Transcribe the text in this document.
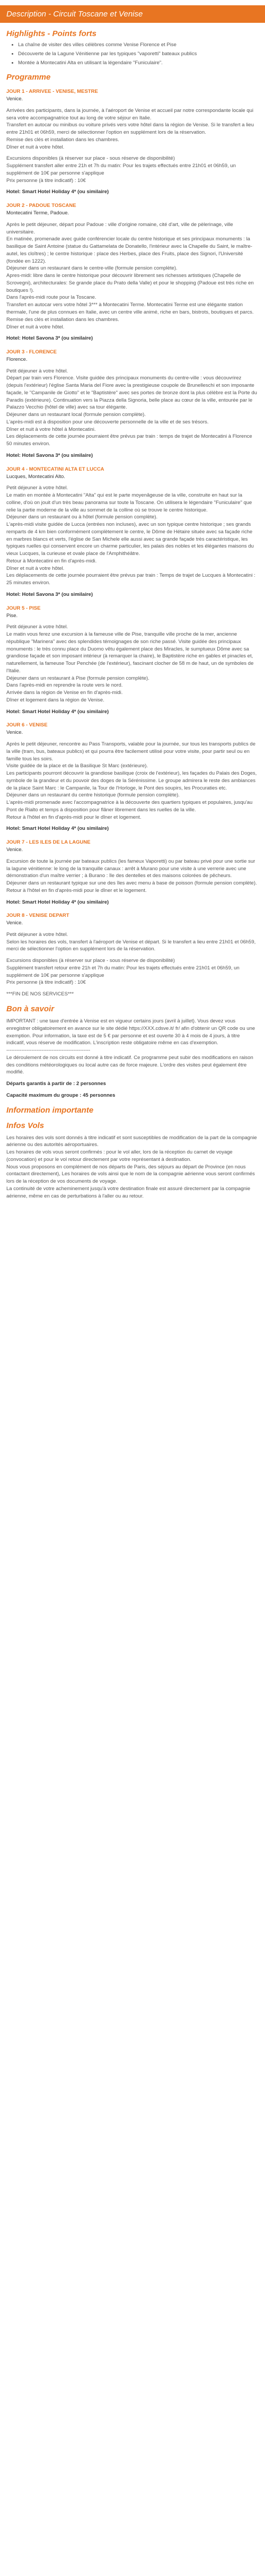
Description - Circuit Toscane et Venise
Highlights - Points forts
• La chaîne de visiter des villes célèbres comme Venise Florence et Pise
• Découverte de la Lagune Vénitienne par les typiques "vaporetti" bateaux publics
• Montée à Montecatini Alta en utilisant la légendaire "Funiculaire".
Programme
JOUR 1 - ARRIVEE - VENISE, MESTRE
Venice.
Arrivées des participants, dans la journée, à l'aéroport de Venise et accueil par notre correspondante locale qui sera votre accompagnatrice tout au long de votre séjour en Italie.
Transfert en autocar ou minibus ou voiture privés vers votre hôtel dans la région de Venise. Si le transfert a lieu entre 21h01 et 06h59, merci de sélectionner l'option en supplément lors de la réservation.
Remise des clés et installation dans les chambres.
Dîner et nuit à votre hôtel.
Excursions disponibles (à réserver sur place - sous réserve de disponibilité)
Supplément transfert aller entre 21h et 7h du matin: Pour les trajets effectués entre 21h01 et 06h59, un supplément de 10€ par personne s'applique
Prix personne (à titre indicatif) : 10€
Hotel: Smart Hotel Holiday 4* (ou similaire)
JOUR 2 - PADOUE TOSCANE
Montecatini Terme, Padoue.
Après le petit déjeuner, départ pour Padoue : ville d'origine romaine, cité d'art, ville de pèlerinage, ville universitaire.
En matinée, promenade avec guide conférencier locale du centre historique et ses principaux monuments : la basilique de Saint Antoine (statue du Gattamelata de Donatello, l'intérieur avec la Chapelle du Saint, le maître-autel, les cloîtres) ; le centre historique : place des Herbes, place des Fruits, place des Signori, l'Université (fondée en 1222).
Déjeuner dans un restaurant dans le centre-ville (formule pension complète).
Apres-midi: libre dans le centre historique pour découvrir librement ses richesses artistiques (Chapelle de Scrovegni), architecturales: Se grande place du Prato della Valle) et pour le shopping (Padoue est très riche en boutiques !).
Dans l'après-midi route pour la Toscane.
Transfert en autocar vers votre hôtel 3*** à Montecatini Terme. Montecatini Terme est une élégante station thermale, l'une de plus connues en Italie, avec un centre ville animé, riche en bars, bistrots, boutiques et parcs. Remise des clés et installation dans les chambres.
Dîner et nuit à votre hôtel.
Hotel: Hotel Savona 3* (ou similaire)
JOUR 3 - FLORENCE
Florence.
Petit déjeuner à votre hôtel.
Départ par train vers Florence. Visite guidée des principaux monuments du centre-ville : vous découvrirez (depuis l'extérieur) l'église Santa Maria del Fiore avec la prestigieuse coupole de Brunelleschi et son imposante façade, le "Campanile de Giotto" et le "Baptistère" avec ses portes de bronze dont la plus célèbre est la Porte du Paradis (extérieure). Continuation vers la Piazza della Signoria, belle place au cœur de la ville, entourée par le Palazzo Vecchio (hôtel de ville) avec sa tour élégante.
Déjeuner dans un restaurant local (formule pension complète).
L'après-midi est à disposition pour une découverte personnelle de la ville et de ses trésors.
Dîner et nuit à votre hôtel à Montecatini.
Les déplacements de cette journée pourraient être prévus par train : temps de trajet de Montecatini à Florence 50 minutes environ.
Hotel: Hotel Savona 3* (ou similaire)
JOUR 4 - MONTECATINI ALTA ET LUCCA
Lucques, Montecatini Alto.
Petit déjeuner à votre hôtel.
Le matin en montée à Montecatini "Alta" qui est le parte moyenâgeuse de la ville, construite en haut sur la colline, d'où on jouit d'un très beau panorama sur toute la Toscane. On utilisera le légendaire "Funiculaire" que relie la partie moderne de la ville au sommet de la colline où se trouve le centre historique.
Déjeuner dans un restaurant ou à hôtel (formule pension complète).
L'après-midi visite guidée de Lucca (entrées non incluses), avec un son typique centre historique ; ses grands remparts de 4 km bien conformément complètement le centre, le Dôme de Hétaire située avec sa façade riche en marbres blancs et verts, l'église de San Michele elle aussi avec sa grande façade très caractéristique, les typiques ruelles qui conservent encore un charme particulier, les palais des nobles et les élégantes maisons du vieux Lucques, la curieuse et ovale place de l'Amphithéâtre.
Retour à Montecatini en fin d'après-midi.
Dîner et nuit à votre hôtel.
Les déplacements de cette journée pourraient être prévus par train : Temps de trajet de Lucques à Montecatini : 25 minutes environ.
Hotel: Hotel Savona 3* (ou similaire)
JOUR 5 - PISE
Pise.
Petit déjeuner à votre hôtel.
Le matin vous ferez une excursion à la fameuse ville de Pise, tranquille ville proche de la mer, ancienne république "Marinera" avec des splendides témoignages de son riche passé. Visite guidée des principaux monuments : le très connu place du Duomo vêtu également place des Miracles, le sumptueux Dôme avec sa grandiose façade et son imposant intérieur (à remarquer la chaire), le Baptistère riche en gables et pinacles et, naturellement, la fameuse Tour Penchée (de l'extérieur), fascinant clocher de 58 m de haut, un de symboles de l'Italie.
Déjeuner dans un restaurant à Pise (formule pension complète).
Dans l'après-midi en reprendre la route vers le nord.
Arrivée dans la région de Venise en fin d'après-midi.
Dîner et logement dans la région de Venise.
Hotel: Smart Hotel Holiday 4* (ou similaire)
JOUR 6 - VENISE
Venice.
Après le petit déjeuner, rencontre au Pass Transports, valable pour la journée, sur tous les transports publics de la ville (tram, bus, bateaux publics) et qui pourra être facilement utilisé pour votre visite, pour partir seul ou en famille tous les soirs.
Visite guidée de la place et de la Basilique St Marc (extérieure).
Les participants pourront découvrir la grandiose basilique (croix de l'extérieur), les façades du Palais des Doges, symbole de la grandeur et du pouvoir des doges de la Sérénissime. Le groupe admirera le reste des ambiances de la place Saint Marc : le Campanile, la Tour de l'Horloge, le Pont des soupirs, les Procuraties etc.
Déjeuner dans un restaurant du centre historique (formule pension complète).
L'après-midi promenade avec l'accompagnatrice à la découverte des quartiers typiques et populaires, jusqu'au Pont de Rialto et temps à disposition pour flâner librement dans les ruelles de la ville.
Retour à l'hôtel en fin d'après-midi pour le dîner et logement.
Hotel: Smart Hotel Holiday 4* (ou similaire)
JOUR 7 - LES ILES DE LA LAGUNE
Venice.
Excursion de toute la journée par bateaux publics (les fameux Vaporetti) ou par bateau privé pour une sortie sur la lagune vénitienne: le long de la tranquille canaux : arrêt à Murano pour une visite à une verrerie avec une démonstration d'un maître verrier ; à Burano : île des dentelles et des maisons colorées de pêcheurs.
Déjeuner dans un restaurant typique sur une des îles avec menu à base de poisson (formule pension complète).
Retour à l'hôtel en fin d'après-midi pour le dîner et le logement.
Hotel: Smart Hotel Holiday 4* (ou similaire)
JOUR 8 - VENISE DEPART
Venice.
Petit déjeuner à votre hôtel.
Selon les horaires des vols, transfert à l'aéroport de Venise et départ. Si le transfert a lieu entre 21h01 et 06h59, merci de sélectionner l'option en supplément lors de la réservation.
Excursions disponibles (à réserver sur place - sous réserve de disponibilité)
Supplément transfert retour entre 21h et 7h du matin: Pour les trajets effectués entre 21h01 et 06h59, un supplément de 10€ par personne s'applique
Prix personne (à titre indicatif) : 10€
***FIN DE NOS SERVICES***
Bon à savoir
IMPORTANT : une taxe d'entrée à Venise est en vigueur certains jours (avril à juillet). Vous devez vous enregistrer obligatoirement en avance sur le site dédié https://XXX.cdsve.it/ fr/ afin d'obtenir un QR code ou une exemption. Pour information, la taxe est de 5 € par personne et est ouverte 30 à 4 mois de 4 jours, à titre indicatif, vous réserve de modification. L'inscription reste obligatoire même en cas d'exemption.
--------------------------------------------------
Le déroulement de nos circuits est donné à titre indicatif. Ce programme peut subir des modifications en raison des conditions météorologiques ou local autre cas de force majeure. L'ordre des visites peut également être modifié.
Départs garantis à partir de : 2 personnes
Capacité maximum du groupe : 45 personnes
Information importante
Infos Vols
Les horaires des vols sont donnés à titre indicatif et sont susceptibles de modification de la part de la compagnie aérienne ou des autorités aéroportuaires.
Les horaires de vols vous seront confirmés : pour le vol aller, lors de la réception du carnet de voyage (convocation) et pour le vol retour directement par votre représentant à destination.
Nous vous proposons en complément de nos départs de Paris, des séjours au départ de Province (en nous contactant directement), Les horaires de vols ainsi que le nom de la compagnie aérienne vous seront confirmés lors de la réception de vos documents de voyage.
La continuité de votre acheminement jusqu'à votre destination finale est assuré directement par la compagnie aérienne, même en cas de perturbations à l'aller ou au retour.
